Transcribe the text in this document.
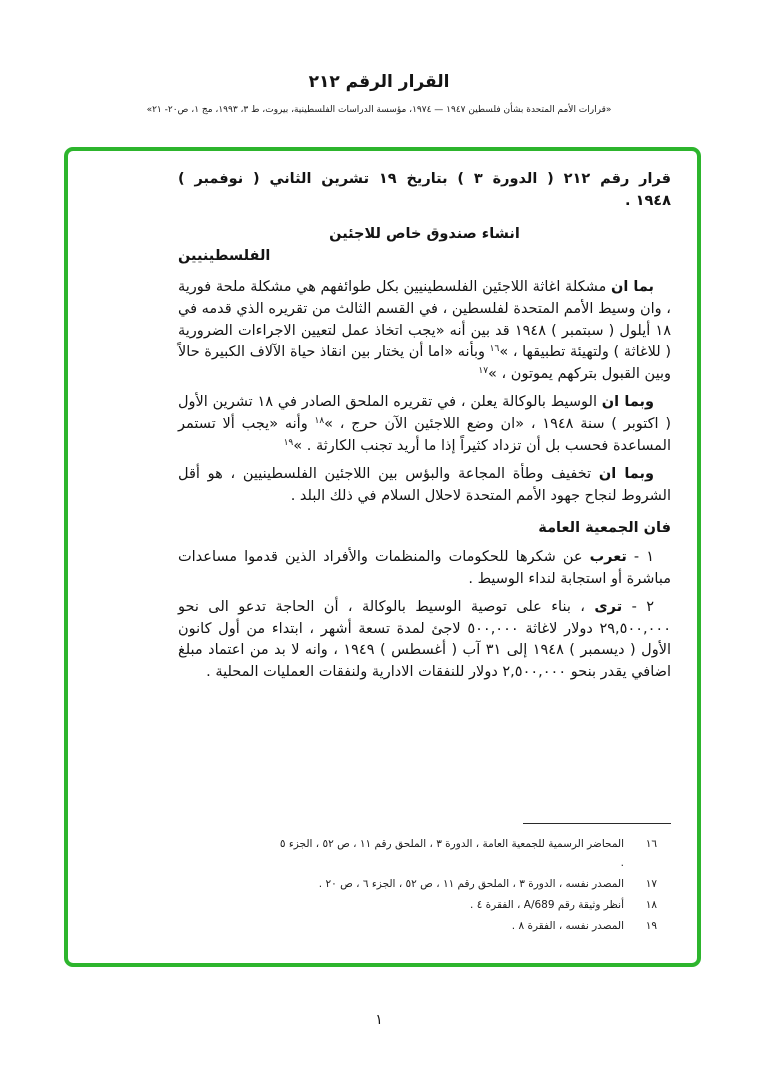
القرار الرقم ٢١٢
«قرارات الأمم المتحدة بشأن فلسطين ١٩٤٧ — ١٩٧٤، مؤسسة الدراسات الفلسطينية، بيروت، ط ٣، ١٩٩٣، مج ١، ص٢٠- ٢١»
قرار رقم ٢١٢ ( الدورة ٣ ) بتاريخ ١٩ تشرين الثاني ( نوفمبر )
١٩٤٨ .
انشاء صندوق خاص للاجئين
الفلسطينيين

بما ان مشكلة اغاثة اللاجئين الفلسطينيين بكل طوائفهم هي مشكلة ملحة فورية ، وان وسيط الأمم المتحدة لفلسطين ، في القسم الثالث من تقريره الذي قدمه في ١٨ أيلول ( سبتمبر ) ١٩٤٨ قد بين أنه «يجب اتخاذ عمل لتعيين الاجراءات الضرورية ( للاغاثة ) ولتهيئة تطبيقها ، »$^{١٦}$ وبأنه «اما أن يختار بين انقاذ حياة الآلاف الكبيرة حالاً وبين القبول بتركهم يموتون ، »$^{١٧}$

وبما ان الوسيط بالوكالة يعلن ، في تقريره الملحق الصادر في ١٨ تشرين الأول ( اكتوبر ) سنة ١٩٤٨ ، «ان وضع اللاجئين الآن حرج ، »$^{١٨}$ وأنه «يجب ألا تستمر المساعدة فحسب بل أن تزداد كثيراً إذا ما أريد تجنب الكارثة . »$^{١٩}$

وبما ان تخفيف وطأة المجاعة والبؤس بين اللاجئين الفلسطينيين ، هو أقل الشروط لنجاح جهود الأمم المتحدة لاحلال السلام في ذلك البلد .

فان الجمعية العامة

١ - تعرب عن شكرها للحكومات والمنظمات والأفراد الذين قدموا مساعدات مباشرة أو استجابة لنداء الوسيط .

٢ - ترى ، بناء على توصية الوسيط بالوكالة ، أن الحاجة تدعو الى نحو ٢٩,٥٠٠,٠٠٠ دولار لاغاثة ٥٠٠,٠٠٠ لاجئ لمدة تسعة أشهر ، ابتداء من أول كانون الأول ( ديسمبر ) ١٩٤٨ إلى ٣١ آب ( أغسطس ) ١٩٤٩ ، وانه لا بد من اعتماد مبلغ اضافي يقدر بنحو ٢,٥٠٠,٠٠٠ دولار للنفقات الادارية ولنفقات العمليات المحلية .

١٦
المحاضر الرسمية للجمعية العامة ، الدورة ٣ ، الملحق رقم ١١ ، ص ٥٢ ، الجزء ٥ .
١٧
المصدر نفسه ، الدورة ٣ ، الملحق رقم ١١ ، ص ٥٢ ، الجزء ٦ ، ص ٢٠ .
١٨
أنظر وثيقة رقم A/689 ، الفقرة ٤ .
١٩
المصدر نفسه ، الفقرة ٨ .
١
